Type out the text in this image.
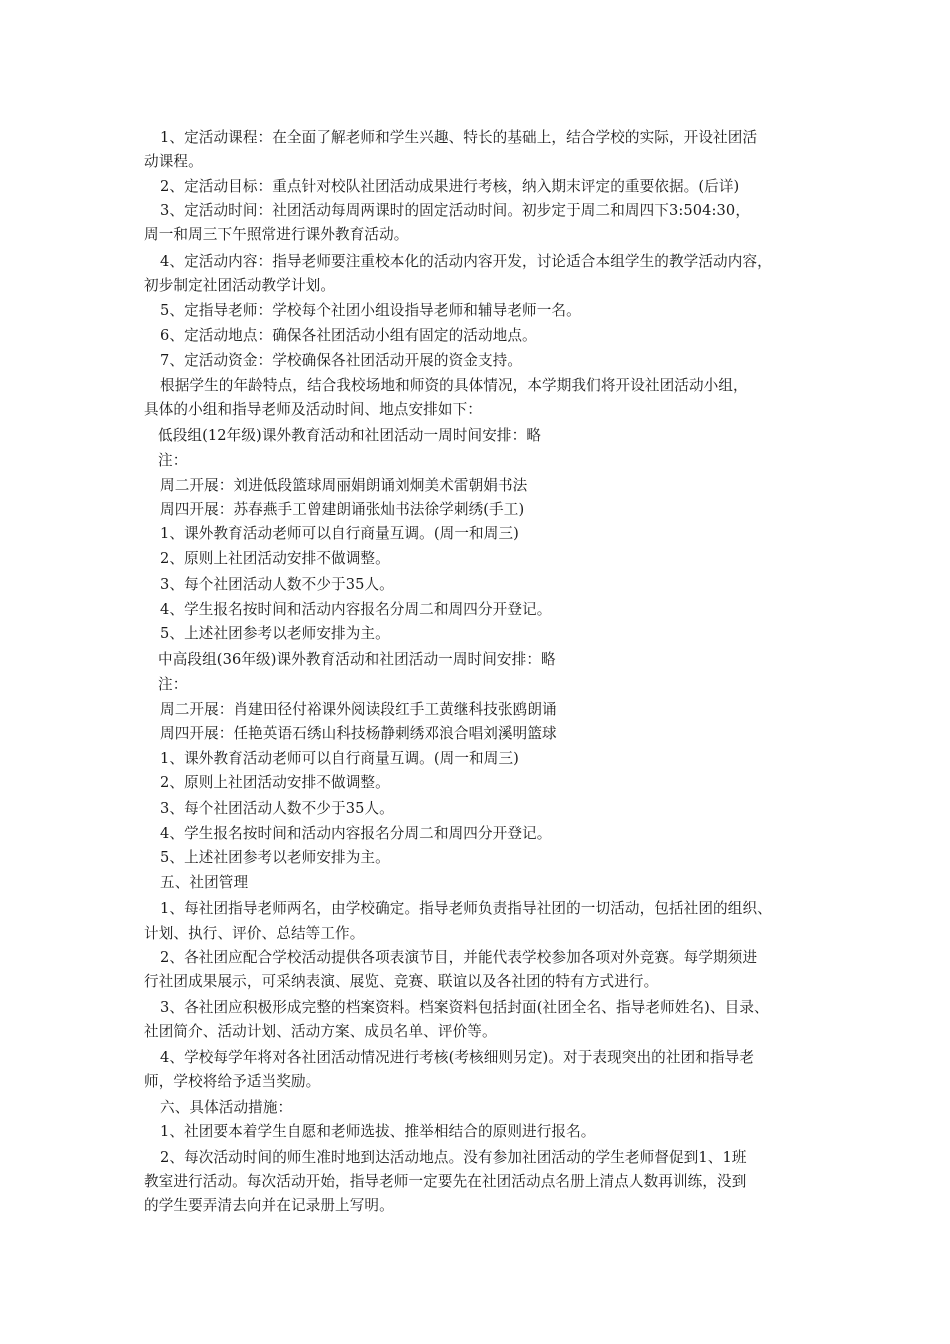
1、定活动课程：在全面了解老师和学生兴趣、特长的基础上，结合学校的实际，开设社团活
动课程。
2、定活动目标：重点针对校队社团活动成果进行考核，纳入期末评定的重要依据。(后详)
3、定活动时间：社团活动每周两课时的固定活动时间。初步定于周二和周四下3:504:30，
周一和周三下午照常进行课外教育活动。
4、定活动内容：指导老师要注重校本化的活动内容开发，讨论适合本组学生的教学活动内容，
初步制定社团活动教学计划。
5、定指导老师：学校每个社团小组设指导老师和辅导老师一名。
6、定活动地点：确保各社团活动小组有固定的活动地点。
7、定活动资金：学校确保各社团活动开展的资金支持。
根据学生的年龄特点，结合我校场地和师资的具体情况，本学期我们将开设社团活动小组，
具体的小组和指导老师及活动时间、地点安排如下：
低段组(12年级)课外教育活动和社团活动一周时间安排：略
注：
周二开展：刘进低段篮球周丽娟朗诵刘炯美术雷朝娟书法
周四开展：苏春燕手工曾建朗诵张灿书法徐学刺绣(手工)
1、课外教育活动老师可以自行商量互调。(周一和周三)
2、原则上社团活动安排不做调整。
3、每个社团活动人数不少于35人。
4、学生报名按时间和活动内容报名分周二和周四分开登记。
5、上述社团参考以老师安排为主。
中高段组(36年级)课外教育活动和社团活动一周时间安排：略
注：
周二开展：肖建田径付裕课外阅读段红手工黄继科技张鸥朗诵
周四开展：任艳英语石绣山科技杨静刺绣邓浪合唱刘溪明篮球
1、课外教育活动老师可以自行商量互调。(周一和周三)
2、原则上社团活动安排不做调整。
3、每个社团活动人数不少于35人。
4、学生报名按时间和活动内容报名分周二和周四分开登记。
5、上述社团参考以老师安排为主。
五、社团管理
1、每社团指导老师两名，由学校确定。指导老师负责指导社团的一切活动，包括社团的组织、
计划、执行、评价、总结等工作。
2、各社团应配合学校活动提供各项表演节目，并能代表学校参加各项对外竞赛。每学期须进
行社团成果展示，可采纳表演、展览、竞赛、联谊以及各社团的特有方式进行。
3、各社团应积极形成完整的档案资料。档案资料包括封面(社团全名、指导老师姓名)、目录、
社团简介、活动计划、活动方案、成员名单、评价等。
4、学校每学年将对各社团活动情况进行考核(考核细则另定)。对于表现突出的社团和指导老
师，学校将给予适当奖励。
六、具体活动措施：
1、社团要本着学生自愿和老师选拔、推举相结合的原则进行报名。
2、每次活动时间的师生准时地到达活动地点。没有参加社团活动的学生老师督促到1、1班
教室进行活动。每次活动开始，指导老师一定要先在社团活动点名册上清点人数再训练，没到
的学生要弄清去向并在记录册上写明。
